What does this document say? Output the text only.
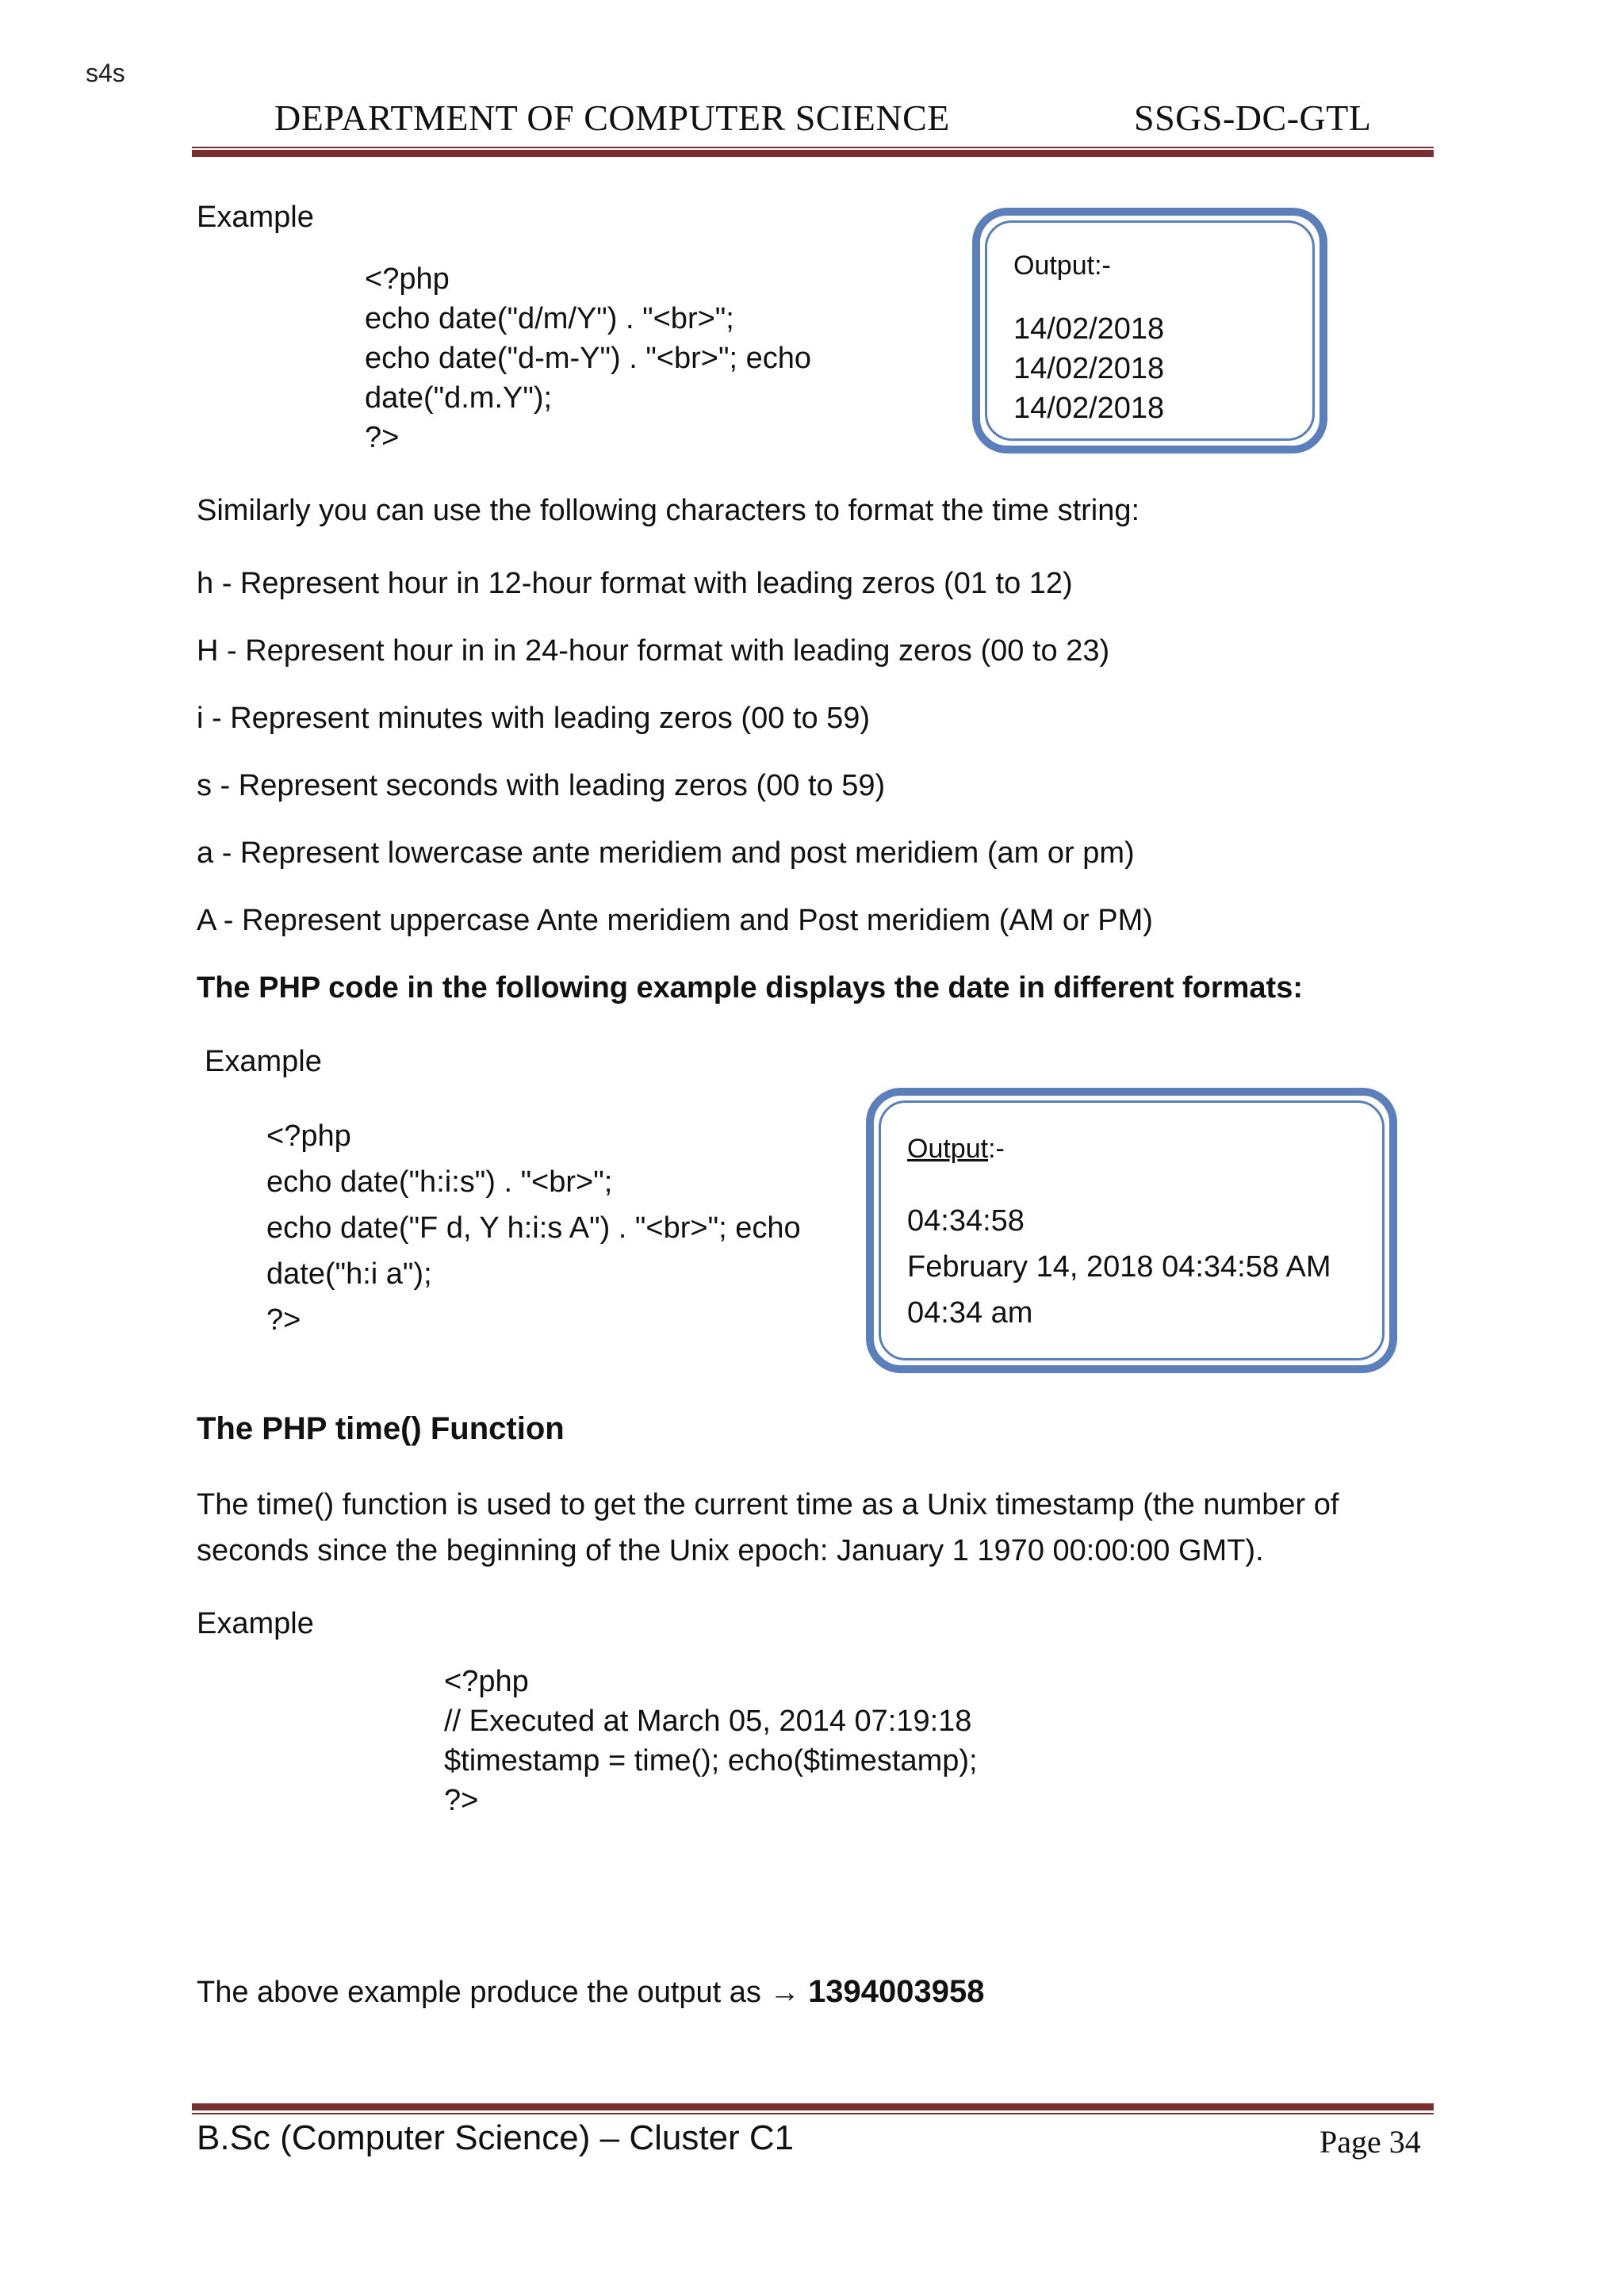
s4s
DEPARTMENT OF COMPUTER SCIENCE	SSGS-DC-GTL
Example
<?php
echo date("d/m/Y") . "<br>";
echo date("d-m-Y") . "<br>"; echo
date("d.m.Y");
?>
Output:-
14/02/2018
14/02/2018
14/02/2018
Similarly you can use the following characters to format the time string:
h - Represent hour in 12-hour format with leading zeros (01 to 12)
H - Represent hour in in 24-hour format with leading zeros (00 to 23)
i - Represent minutes with leading zeros (00 to 59)
s - Represent seconds with leading zeros (00 to 59)
a - Represent lowercase ante meridiem and post meridiem (am or pm)
A - Represent uppercase Ante meridiem and Post meridiem (AM or PM)
The PHP code in the following example displays the date in different formats:
Example
<?php
echo date("h:i:s") . "<br>";
echo date("F d, Y h:i:s A") . "<br>"; echo
date("h:i a");
?>
Output:-
04:34:58
February 14, 2018 04:34:58 AM
04:34 am
The PHP time() Function
The time() function is used to get the current time as a Unix timestamp (the number of
seconds since the beginning of the Unix epoch: January 1 1970 00:00:00 GMT).
Example
<?php
// Executed at March 05, 2014 07:19:18
$timestamp = time(); echo($timestamp);
?>
The above example produce the output as → 1394003958
B.Sc (Computer Science) – Cluster C1	Page 34
